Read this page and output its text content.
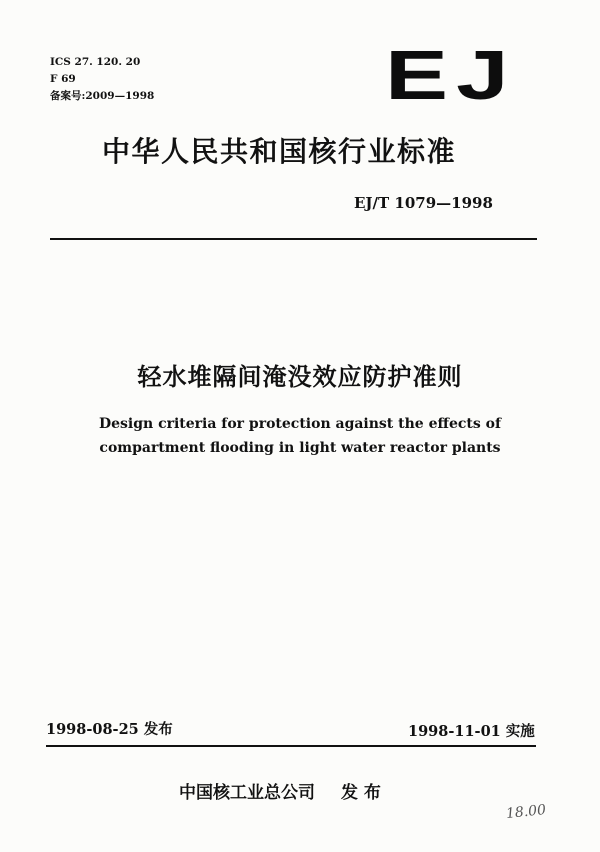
ICS 27. 120. 20
F 69
备案号:2009—1998	EJ
中华人民共和国核行业标准
EJ/T 1079—1998
轻水堆隔间淹没效应防护准则
Design criteria for protection against the effects of
compartment flooding in light water reactor plants
1998-08-25 发布	1998-11-01 实施
中国核工业总公司 发 布
18.00
